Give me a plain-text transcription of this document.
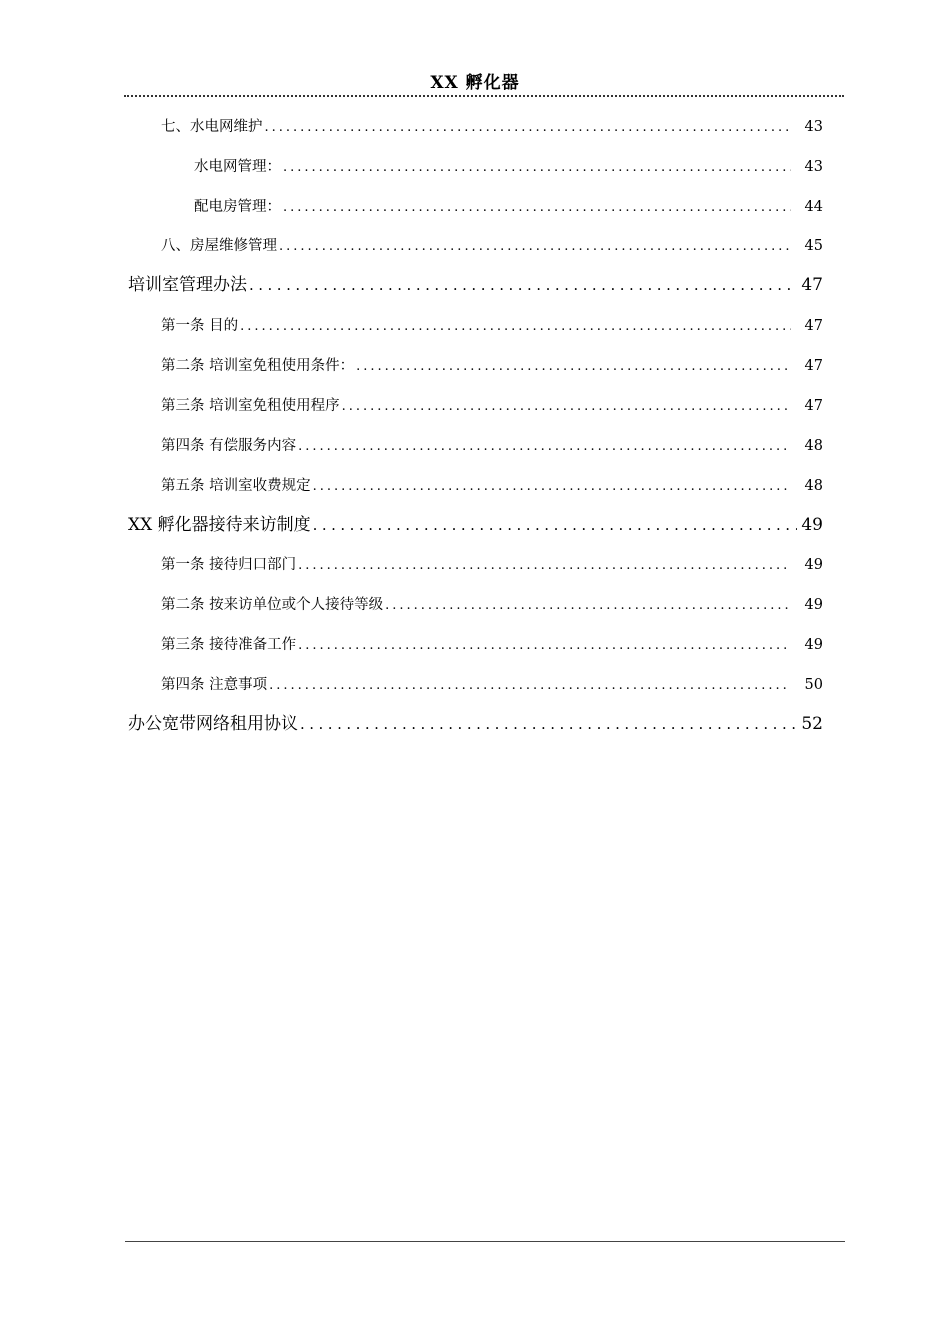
XX 孵化器
七、水电网维护 .....	43
水电网管理： .....	43
配电房管理： .....	44
八、房屋维修管理 .....	45
培训室管理办法 .....	47
第一条 目的 .....	47
第二条 培训室免租使用条件： .....	47
第三条 培训室免租使用程序 .....	47
第四条 有偿服务内容 .....	48
第五条 培训室收费规定 .....	48
XX 孵化器接待来访制度 .....	49
第一条 接待归口部门 .....	49
第二条 按来访单位或个人接待等级 .....	49
第三条 接待准备工作 .....	49
第四条 注意事项 .....	50
办公宽带网络租用协议 .....	52
